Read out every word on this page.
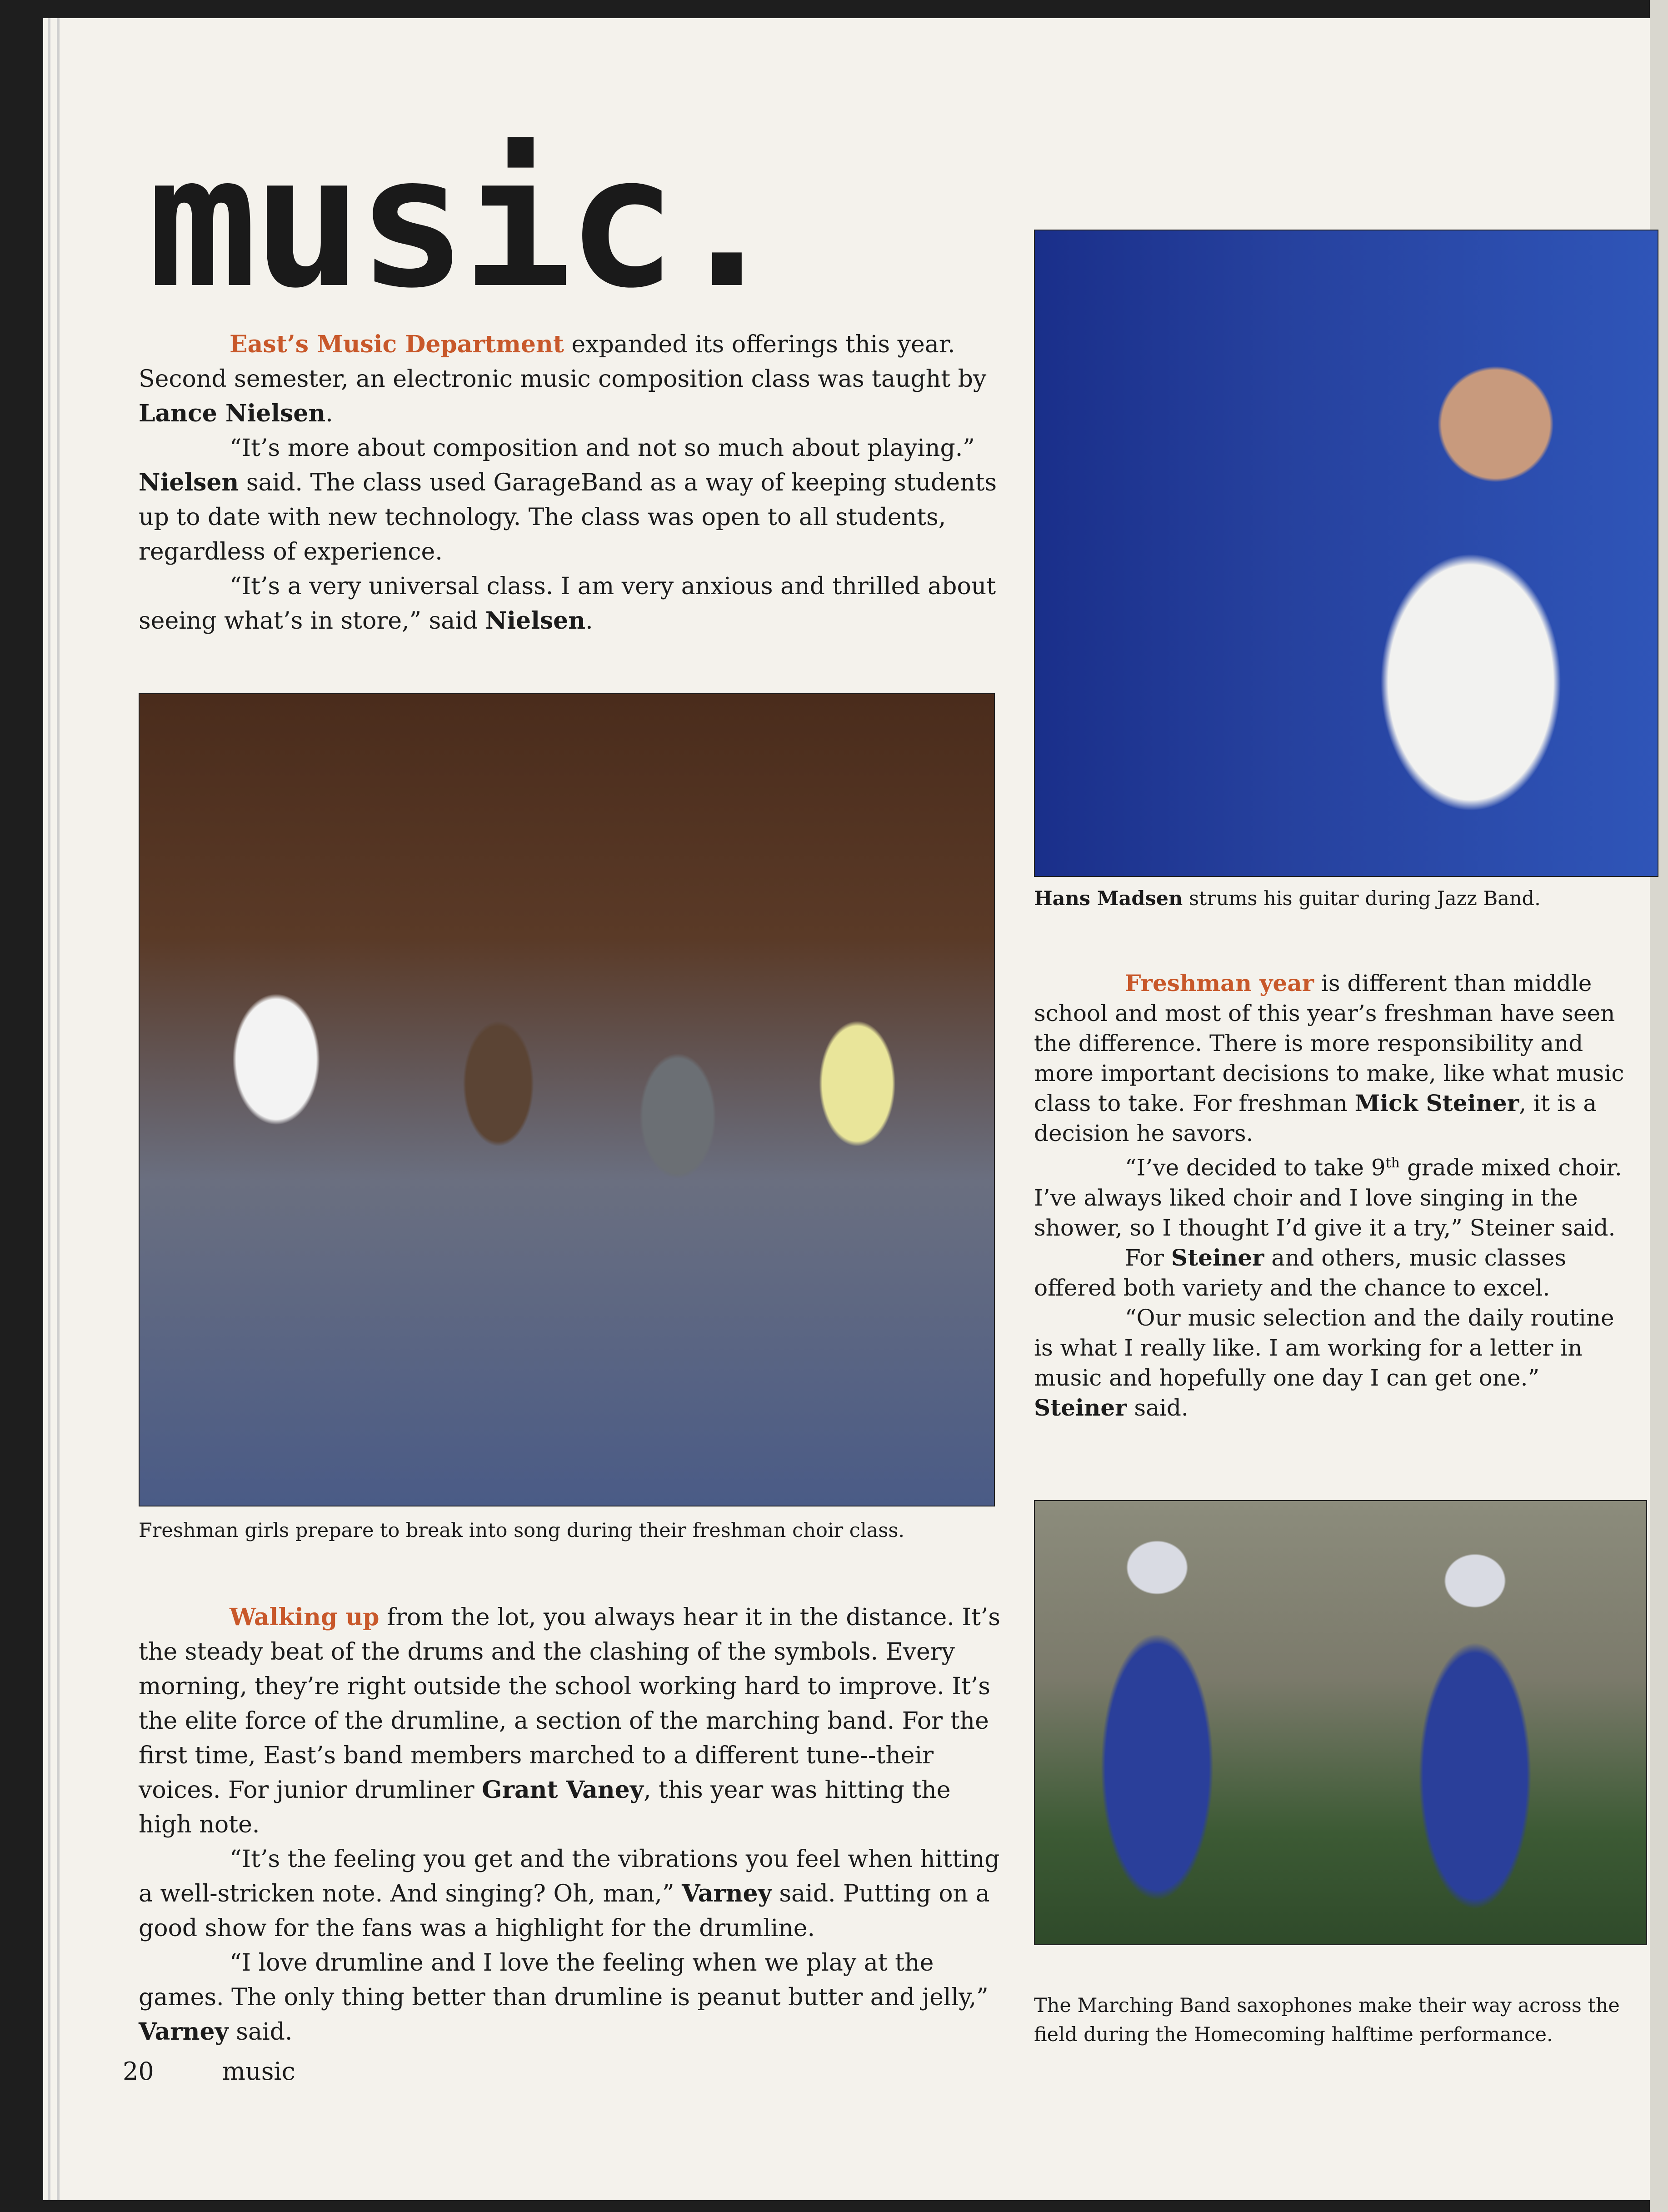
music.

East’s Music Department expanded its offerings this year. Second semester, an electronic music composition class was taught by Lance Nielsen.

“It’s more about composition and not so much about playing.” Nielsen said. The class used GarageBand as a way of keeping students up to date with new technology. The class was open to all students, regardless of experience.

“It’s a very universal class. I am very anxious and thrilled about seeing what’s in store,” said Nielsen.

Freshman girls prepare to break into song during their freshman choir class.

Walking up from the lot, you always hear it in the distance. It’s the steady beat of the drums and the clashing of the symbols. Every morning, they’re right outside the school working hard to improve. It’s the elite force of the drumline, a section of the marching band. For the first time, East’s band members marched to a different tune--their voices. For junior drumliner Grant Vaney, this year was hitting the high note.

“It’s the feeling you get and the vibrations you feel when hitting a well-stricken note. And singing? Oh, man,” Varney said. Putting on a good show for the fans was a highlight for the drumline.

“I love drumline and I love the feeling when we play at the games. The only thing better than drumline is peanut butter and jelly,” Varney said.

Hans Madsen strums his guitar during Jazz Band.

Freshman year is different than middle school and most of this year’s freshman have seen the difference. There is more responsibility and more important decisions to make, like what music class to take. For freshman Mick Steiner, it is a decision he savors.

“I’ve decided to take 9th grade mixed choir. I’ve always liked choir and I love singing in the shower, so I thought I’d give it a try,” Steiner said.

For Steiner and others, music classes offered both variety and the chance to excel.

“Our music selection and the daily routine is what I really like. I am working for a letter in music and hopefully one day I can get one.” Steiner said.

The Marching Band saxophones make their way across the field during the Homecoming halftime performance.
20	music
